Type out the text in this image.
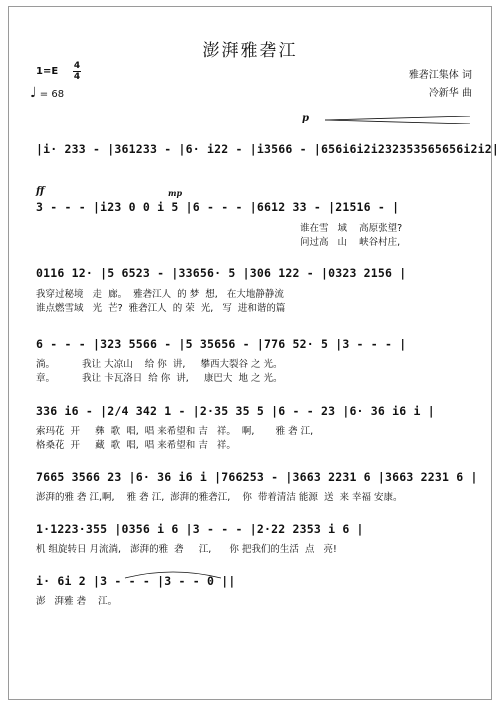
澎湃雅砻江
1=E 4
4
♩ = 68
雅砻江集体 词
冷新华 曲
p
ff	mp
|i· 233 - |361233 - |6· i22 - |i3566 - |656i6i2i232353565656i2i2|
3 - - - |i23 0 0 i 5 |6 - - - |6612 33 - |21516 - |
谁在雪   域    高原张望?
问过高   山    峡谷村庄,
0116 12· |5 6523 - |33656· 5 |306 122 - |0323 2156 |
我穿过秘境   走  廊。  雅砻江人  的 梦  想,   在大地静静流
谁点燃雪域   光  芒?  雅砻江人  的 荣  光,   写  进和谐的篇
6 - - - |323 5566 - |5 35656 - |776 52· 5 |3 - - - |
淌。         我让 大凉山    给 你  讲,     攀西大裂谷 之 光。
章。         我让 卡瓦洛日  给 你  讲,     康巴大  地 之 光。
336 i6 - |2/4 342 1 - |2·35 35 5 |6 - - 23 |6· 36 i6 i |
索玛花  开     彝  歌  唱,  唱 来希望和 吉   祥。  啊,       雅 砻 江,
格桑花  开     藏  歌  唱,  唱 来希望和 吉   祥。
7665 3566 23 |6· 36 i6 i |766253 - |3663 2231 6 |3663 2231 6 |
澎湃的雅 砻 江,啊,    雅 砻 江,  澎湃的雅砻江,    你  带着清洁 能源  送  来 幸福 安康。
1·1223·355 |0356 i 6 |3 - - - |2·22 2353 i 6 |
机 组旋转日 月流淌,   澎湃的雅  砻     江,      你 把我们的生活  点   亮!
i· 6i 2 |3 - - - |3 - - 0 ||
澎   湃雅 砻    江。
